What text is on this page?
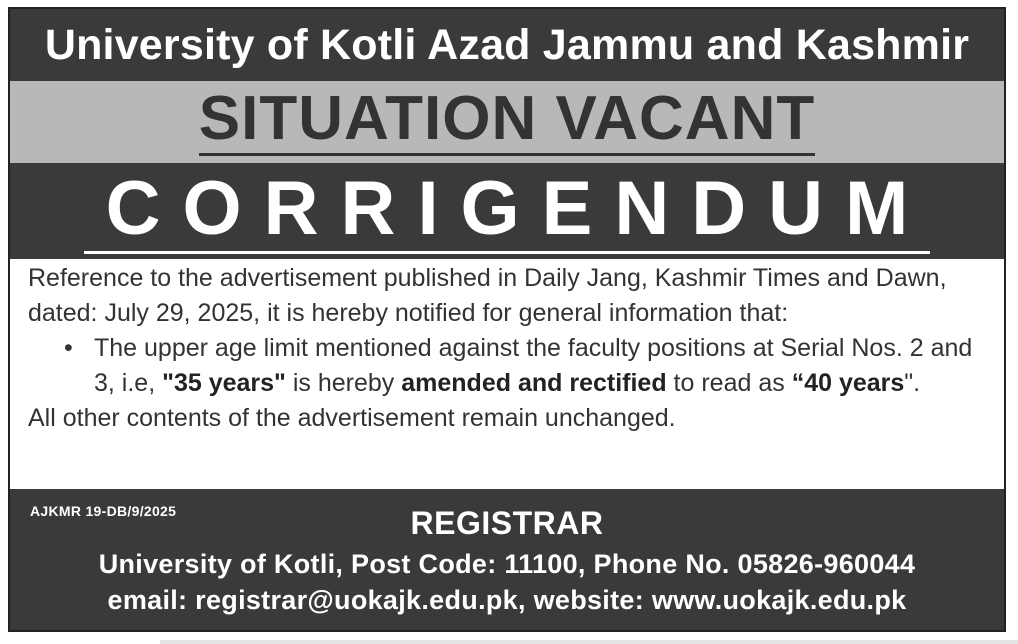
University of Kotli Azad Jammu and Kashmir
SITUATION VACANT
CORRIGENDUM

Reference to the advertisement published in Daily Jang, Kashmir Times and Dawn, dated: July 29, 2025, it is hereby notified for general information that:

• The upper age limit mentioned against the faculty positions at Serial Nos. 2 and 3, i.e, "35 years" is hereby amended and rectified to read as “40 years".

All other contents of the advertisement remain unchanged.

AJKMR 19-DB/9/2025	REGISTRAR
University of Kotli, Post Code: 11100, Phone No. 05826-960044
email: registrar@uokajk.edu.pk, website: www.uokajk.edu.pk
